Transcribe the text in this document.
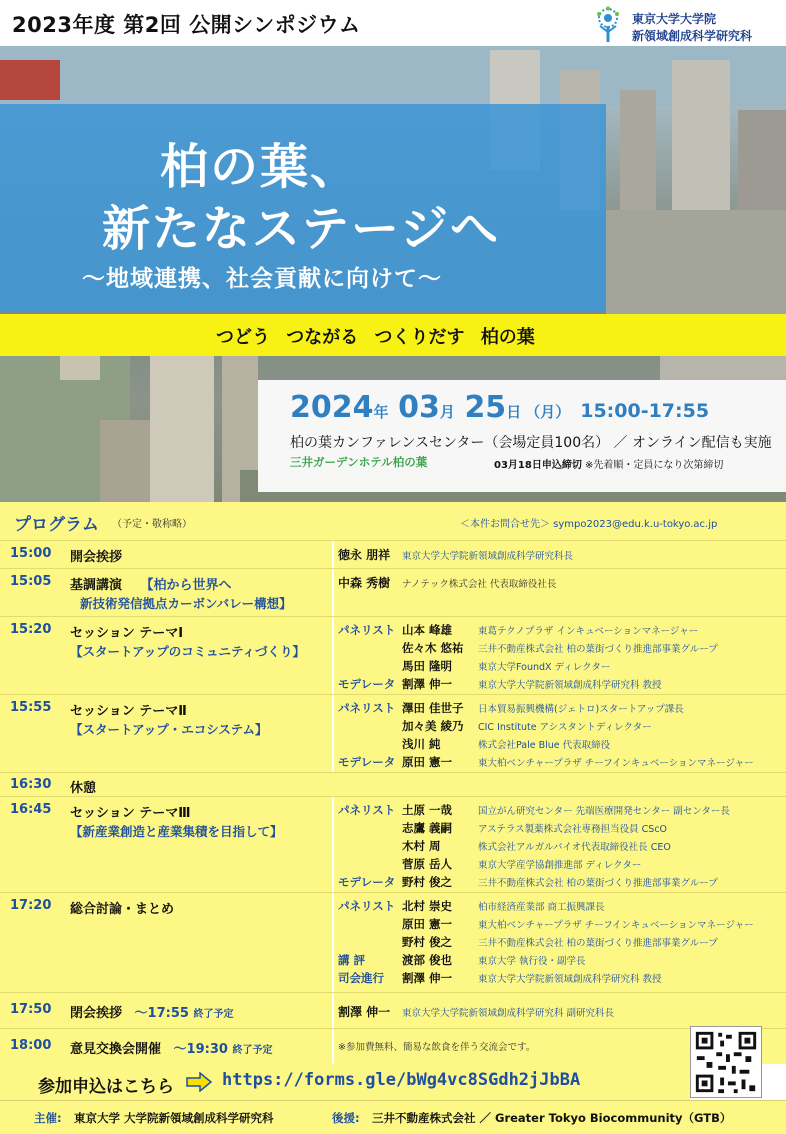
2023年度 第2回 公開シンポジウム	東京大学大学院
新領域創成科学研究科
柏の葉、
新たなステージへ
〜地域連携、社会貢献に向けて〜
つどう つながる つくりだす 柏の葉
2024年 03月 25日 （月） 15:00-17:55
柏の葉カンファレンスセンター（会場定員100名） ／ オンライン配信も実施
三井ガーデンホテル柏の葉	03月18日申込締切 ※先着順・定員になり次第締切
プログラム （予定・敬称略）	＜本件お問合せ先＞ sympo2023@edu.k.u-tokyo.ac.jp
15:00 開会挨拶	徳永 朋祥 東京大学大学院新領域創成科学研究科長
15:05 基調講演 【柏から世界へ
新技術発信拠点カーボンバレー構想】
中森 秀樹 ナノテック株式会社 代表取締役社長
15:20 セッション テーマⅠ
【スタートアップのコミュニティづくり】
パネリスト 山本 峰雄	東葛テクノプラザ インキュベーションマネージャー
佐々木 悠祐 三井不動産株式会社 柏の葉街づくり推進部事業グループ
馬田 隆明	東京大学FoundX ディレクター
モデレータ 割澤 伸一	東京大学大学院新領域創成科学研究科 教授
15:55 セッション テーマⅡ
【スタートアップ・エコシステム】
パネリスト 澤田 佳世子 日本貿易振興機構(ジェトロ)スタートアップ課長
加々美 綾乃 CIC Institute アシスタントディレクター
浅川 純	株式会社Pale Blue 代表取締役
モデレータ 原田 憲一	東大柏ベンチャープラザ チーフインキュベーションマネージャー
16:30 休憩
16:45 セッション テーマⅢ
【新産業創造と産業集積を目指して】
パネリスト 土原 一哉	国立がん研究センター 先端医療開発センター 副センター長
志鷹 義嗣	アステラス製薬株式会社専務担当役員 CScO
木村 周	株式会社アルガルバイオ代表取締役社長 CEO
菅原 岳人	東京大学産学協創推進部 ディレクター
モデレータ 野村 俊之	三井不動産株式会社 柏の葉街づくり推進部事業グループ
17:20 総合討論・まとめ	パネリスト 北村 崇史	柏市経済産業部 商工振興課長
原田 憲一	東大柏ベンチャープラザ チーフインキュベーションマネージャー
野村 俊之	三井不動産株式会社 柏の葉街づくり推進部事業グループ
講 評	渡部 俊也	東京大学 執行役・副学長
司会進行 割澤 伸一	東京大学大学院新領域創成科学研究科 教授
17:50 閉会挨拶 〜17:55 終了予定	割澤 伸一 東京大学大学院新領域創成科学研究科 副研究科長
18:00 意見交換会開催 〜19:30 終了予定	※参加費無料、簡易な飲食を伴う交流会です。
参加申込はこちら	https://forms.gle/bWg4vc8SGdh2jJbBA
主催: 東京大学 大学院新領域創成科学研究科	後援: 三井不動産株式会社 ／ Greater Tokyo Biocommunity（GTB）
